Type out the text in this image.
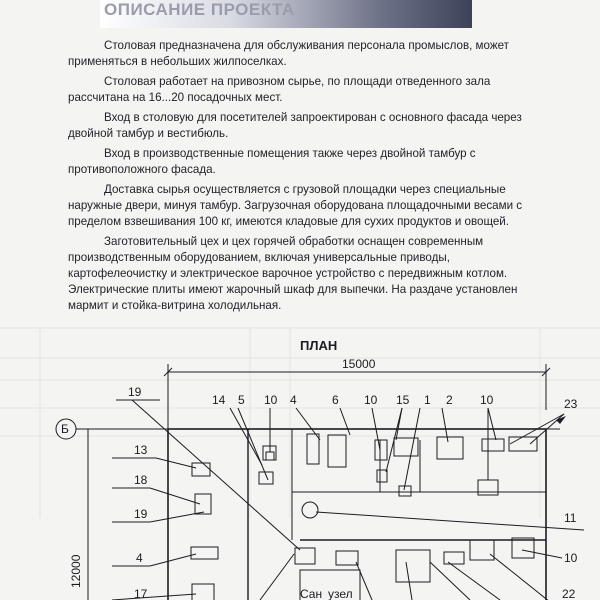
ОПИСАНИЕ ПРОЕКТА

Столовая предназначена для обслуживания персонала промыслов, может применяться в небольших жилпоселках.

Столовая работает на привозном сырье, по площади отведенного зала рассчитана на 16...20 посадочных мест.

Вход в столовую для посетителей запроектирован с основного фасада через двойной тамбур и вестибюль.

Вход в производственные помещения также через двойной тамбур с противоположного фасада.

Доставка сырья осуществляется с грузовой площадки через специальные наружные двери, минуя тамбур. Загрузочная оборудована площадочными весами с пределом взвешивания 100 кг, имеются кладовые для сухих продуктов и овощей.

Заготовительный цех и цех горячей обработки оснащен современным производственным оборудованием, включая универсальные приводы, картофелеочистку и электрическое варочное устройство с передвижным котлом. Электрические плиты имеют жарочный шкаф для выпечки. На раздаче установлен мармит и стойка-витрина холодильная.

ПЛАН
15000
12000
Б
14 5 10 4	6 10 15 1 2 10	23
19
13
18
19
4
17
11
10
22
Сан узел
